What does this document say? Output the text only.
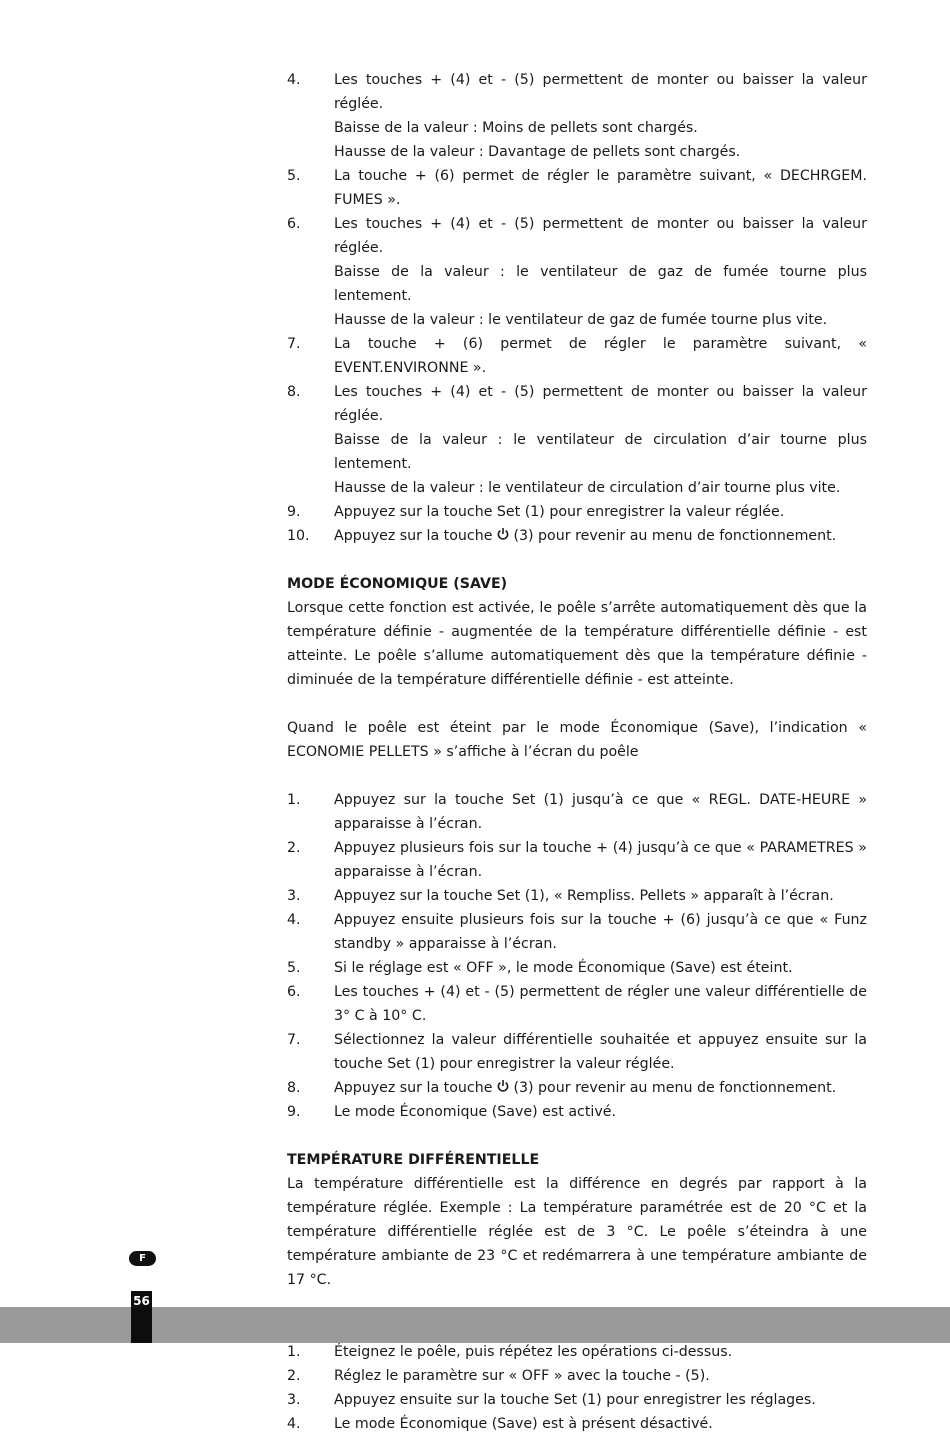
4.	Les touches + (4) et - (5) permettent de monter ou baisser la valeur réglée.
Baisse de la valeur : Moins de pellets sont chargés.
Hausse de la valeur : Davantage de pellets sont chargés.
5.	La touche + (6) permet de régler le paramètre suivant, « DECHRGEM. FUMES ».
6.	Les touches + (4) et - (5) permettent de monter ou baisser la valeur réglée.
Baisse de la valeur : le ventilateur de gaz de fumée tourne plus lentement.
Hausse de la valeur : le ventilateur de gaz de fumée tourne plus vite.
7.	La touche + (6) permet de régler le paramètre suivant, « EVENT.ENVIRONNE ».
8.	Les touches + (4) et - (5) permettent de monter ou baisser la valeur réglée.
Baisse de la valeur : le ventilateur de circulation d’air tourne plus lentement.
Hausse de la valeur : le ventilateur de circulation d’air tourne plus vite.
9.	Appuyez sur la touche Set (1) pour enregistrer la valeur réglée.
10.	Appuyez sur la touche
(3) pour revenir au menu de fonctionnement.

MODE ÉCONOMIQUE (SAVE)

Lorsque cette fonction est activée, le poêle s’arrête automatiquement dès que la température définie - augmentée de la température différentielle définie - est atteinte. Le poêle s’allume automatiquement dès que la température définie - diminuée de la température différentielle définie - est atteinte.

Quand le poêle est éteint par le mode Économique (Save), l’indication « ECONOMIE PELLETS » s’affiche à l’écran du poêle

1.	Appuyez sur la touche Set (1) jusqu’à ce que « REGL. DATE-HEURE » apparaisse à l’écran.
2.	Appuyez plusieurs fois sur la touche + (4) jusqu’à ce que « PARAMETRES » apparaisse à l’écran.
3.	Appuyez sur la touche Set (1), « Rempliss. Pellets » apparaît à l’écran.
4.	Appuyez ensuite plusieurs fois sur la touche + (6) jusqu’à ce que « Funz standby » apparaisse à l’écran.
5.	Si le réglage est « OFF », le mode Économique (Save) est éteint.
6.	Les touches + (4) et - (5) permettent de régler une valeur différentielle de 3° C à 10° C.
7.	Sélectionnez la valeur différentielle souhaitée et appuyez ensuite sur la touche Set (1) pour enregistrer la valeur réglée.
8.	Appuyez sur la touche
(3) pour revenir au menu de fonctionnement.
9.	Le mode Économique (Save) est activé.

TEMPÉRATURE DIFFÉRENTIELLE

La température différentielle est la différence en degrés par rapport à la température réglée. Exemple : La température paramétrée est de 20 °C et la température différentielle réglée est de 3 °C. Le poêle s’éteindra à une température ambiante de 23 °C et redémarrera à une température ambiante de 17 °C.

1.	Éteignez le poêle, puis répétez les opérations ci-dessus.
2.	Réglez le paramètre sur « OFF » avec la touche - (5).
3.	Appuyez ensuite sur la touche Set (1) pour enregistrer les réglages.
4.	Le mode Économique (Save) est à présent désactivé.
F
56
